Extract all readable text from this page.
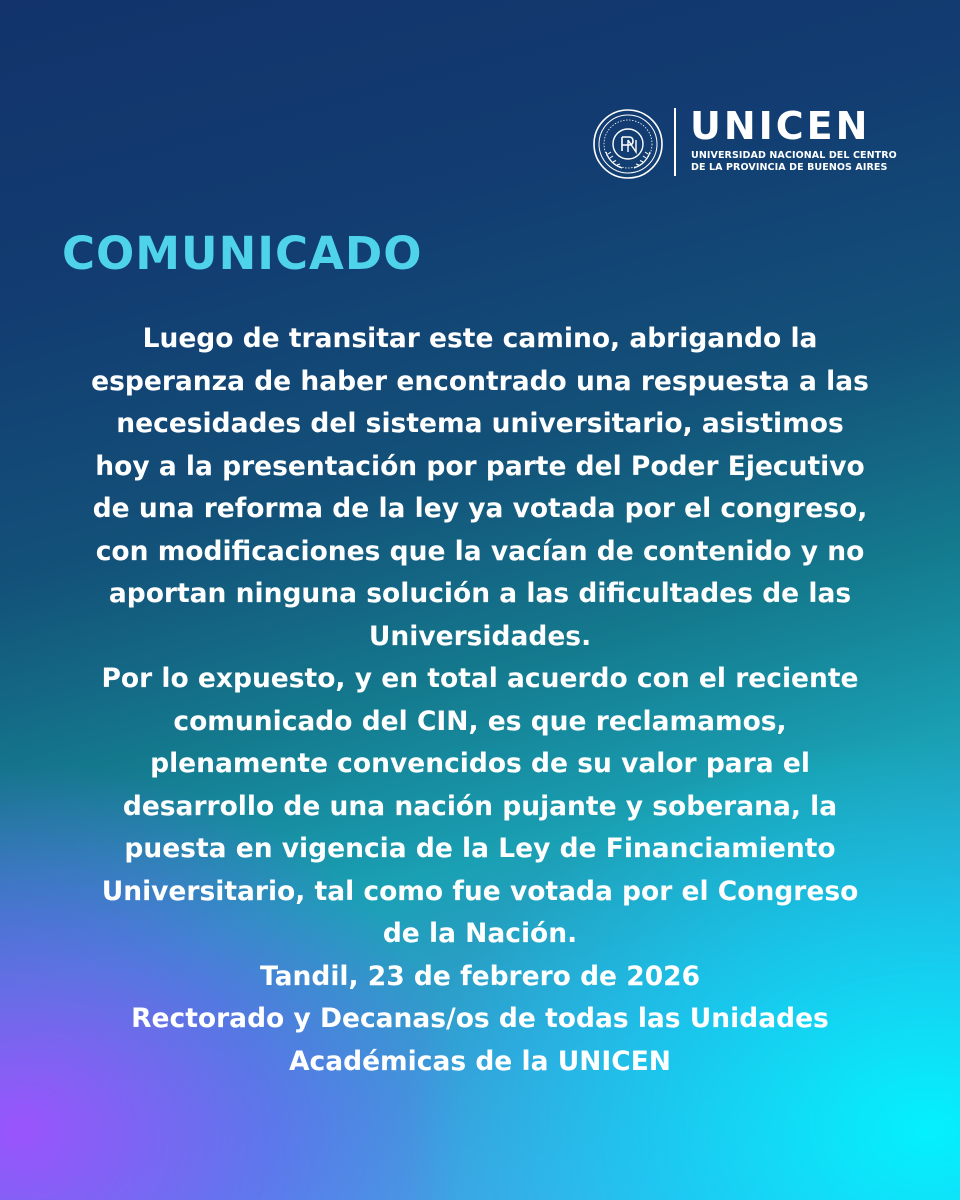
UNICEN
UNIVERSIDAD NACIONAL DEL CENTRO
DE LA PROVINCIA DE BUENOS AIRES
COMUNICADO
Luego de transitar este camino, abrigando la
esperanza de haber encontrado una respuesta a las
necesidades del sistema universitario, asistimos
hoy a la presentación por parte del Poder Ejecutivo
de una reforma de la ley ya votada por el congreso,
con modificaciones que la vacían de contenido y no
aportan ninguna solución a las dificultades de las
Universidades.
Por lo expuesto, y en total acuerdo con el reciente
comunicado del CIN, es que reclamamos,
plenamente convencidos de su valor para el
desarrollo de una nación pujante y soberana, la
puesta en vigencia de la Ley de Financiamiento
Universitario, tal como fue votada por el Congreso
de la Nación.
Tandil, 23 de febrero de 2026
Rectorado y Decanas/os de todas las Unidades
Académicas de la UNICEN
